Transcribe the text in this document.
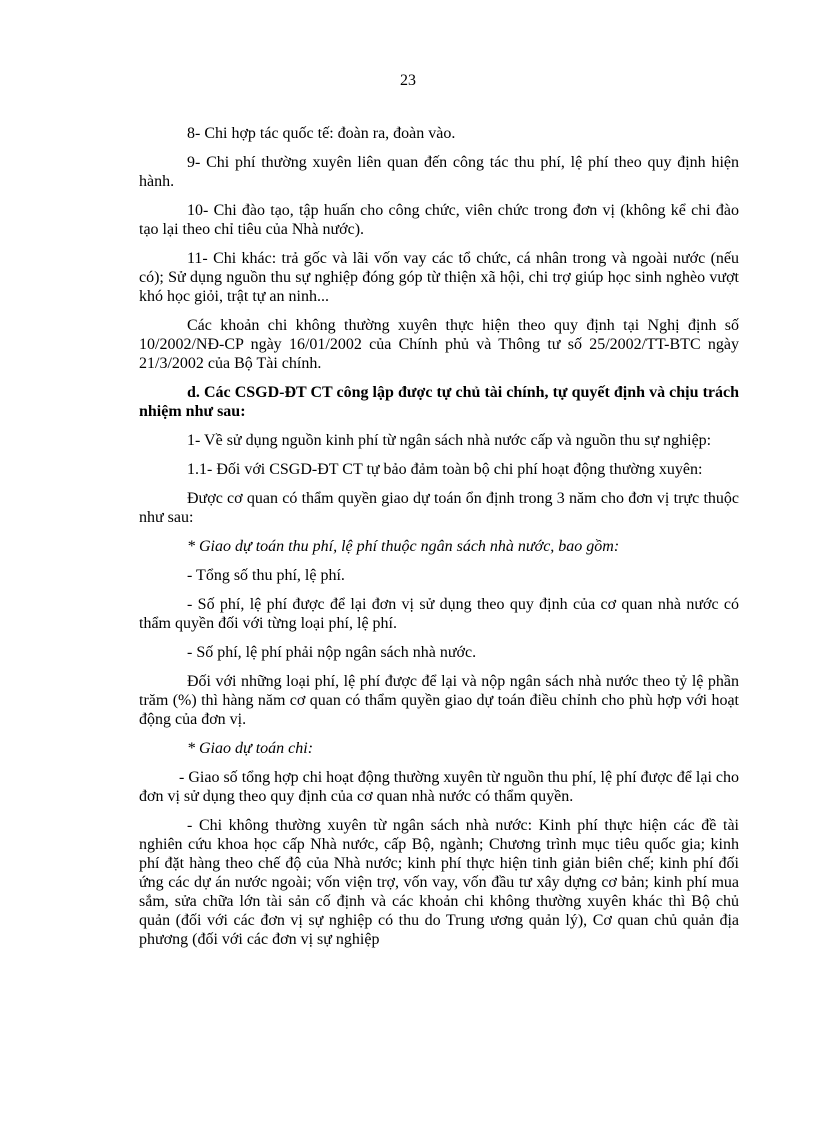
23

8- Chi hợp tác quốc tế: đoàn ra, đoàn vào.

9- Chi phí thường xuyên liên quan đến công tác thu phí, lệ phí theo quy định hiện hành.

10- Chi đào tạo, tập huấn cho công chức, viên chức trong đơn vị (không kể chi đào tạo lại theo chỉ tiêu của Nhà nước).

11- Chi khác: trả gốc và lãi vốn vay các tổ chức, cá nhân trong và ngoài nước (nếu có); Sử dụng nguồn thu sự nghiệp đóng góp từ thiện xã hội, chi trợ giúp học sinh nghèo vượt khó học giỏi, trật tự an ninh...

Các khoản chi không thường xuyên thực hiện theo quy định tại Nghị định số 10/2002/NĐ-CP ngày 16/01/2002 của Chính phủ và Thông tư số 25/2002/TT-BTC ngày 21/3/2002 của Bộ Tài chính.

d. Các CSGD-ĐT CT công lập được tự chủ tài chính, tự quyết định và chịu trách nhiệm như sau:

1- Về sử dụng nguồn kinh phí từ ngân sách nhà nước cấp và nguồn thu sự nghiệp:

1.1- Đối với CSGD-ĐT CT tự bảo đảm toàn bộ chi phí hoạt động thường xuyên:

Được cơ quan có thẩm quyền giao dự toán ổn định trong 3 năm cho đơn vị trực thuộc như sau:

* Giao dự toán thu phí, lệ phí thuộc ngân sách nhà nước, bao gồm:

- Tổng số thu phí, lệ phí.

- Số phí, lệ phí được để lại đơn vị sử dụng theo quy định của cơ quan nhà nước có thẩm quyền đối với từng loại phí, lệ phí.

- Số phí, lệ phí phải nộp ngân sách nhà nước.

Đối với những loại phí, lệ phí được để lại và nộp ngân sách nhà nước theo tỷ lệ phần trăm (%) thì hàng năm cơ quan có thẩm quyền giao dự toán điều chỉnh cho phù hợp với hoạt động của đơn vị.

* Giao dự toán chi:

- Giao số tổng hợp chi hoạt động thường xuyên từ nguồn thu phí, lệ phí được để lại cho đơn vị sử dụng theo quy định của cơ quan nhà nước có thẩm quyền.

- Chi không thường xuyên từ ngân sách nhà nước: Kinh phí thực hiện các đề tài nghiên cứu khoa học cấp Nhà nước, cấp Bộ, ngành; Chương trình mục tiêu quốc gia; kinh phí đặt hàng theo chế độ của Nhà nước; kinh phí thực hiện tinh giản biên chế; kinh phí đối ứng các dự án nước ngoài; vốn viện trợ, vốn vay, vốn đầu tư xây dựng cơ bản; kinh phí mua sắm, sửa chữa lớn tài sản cố định và các khoản chi không thường xuyên khác thì Bộ chủ quản (đối với các đơn vị sự nghiệp có thu do Trung ương quản lý), Cơ quan chủ quản địa phương (đối với các đơn vị sự nghiệp
